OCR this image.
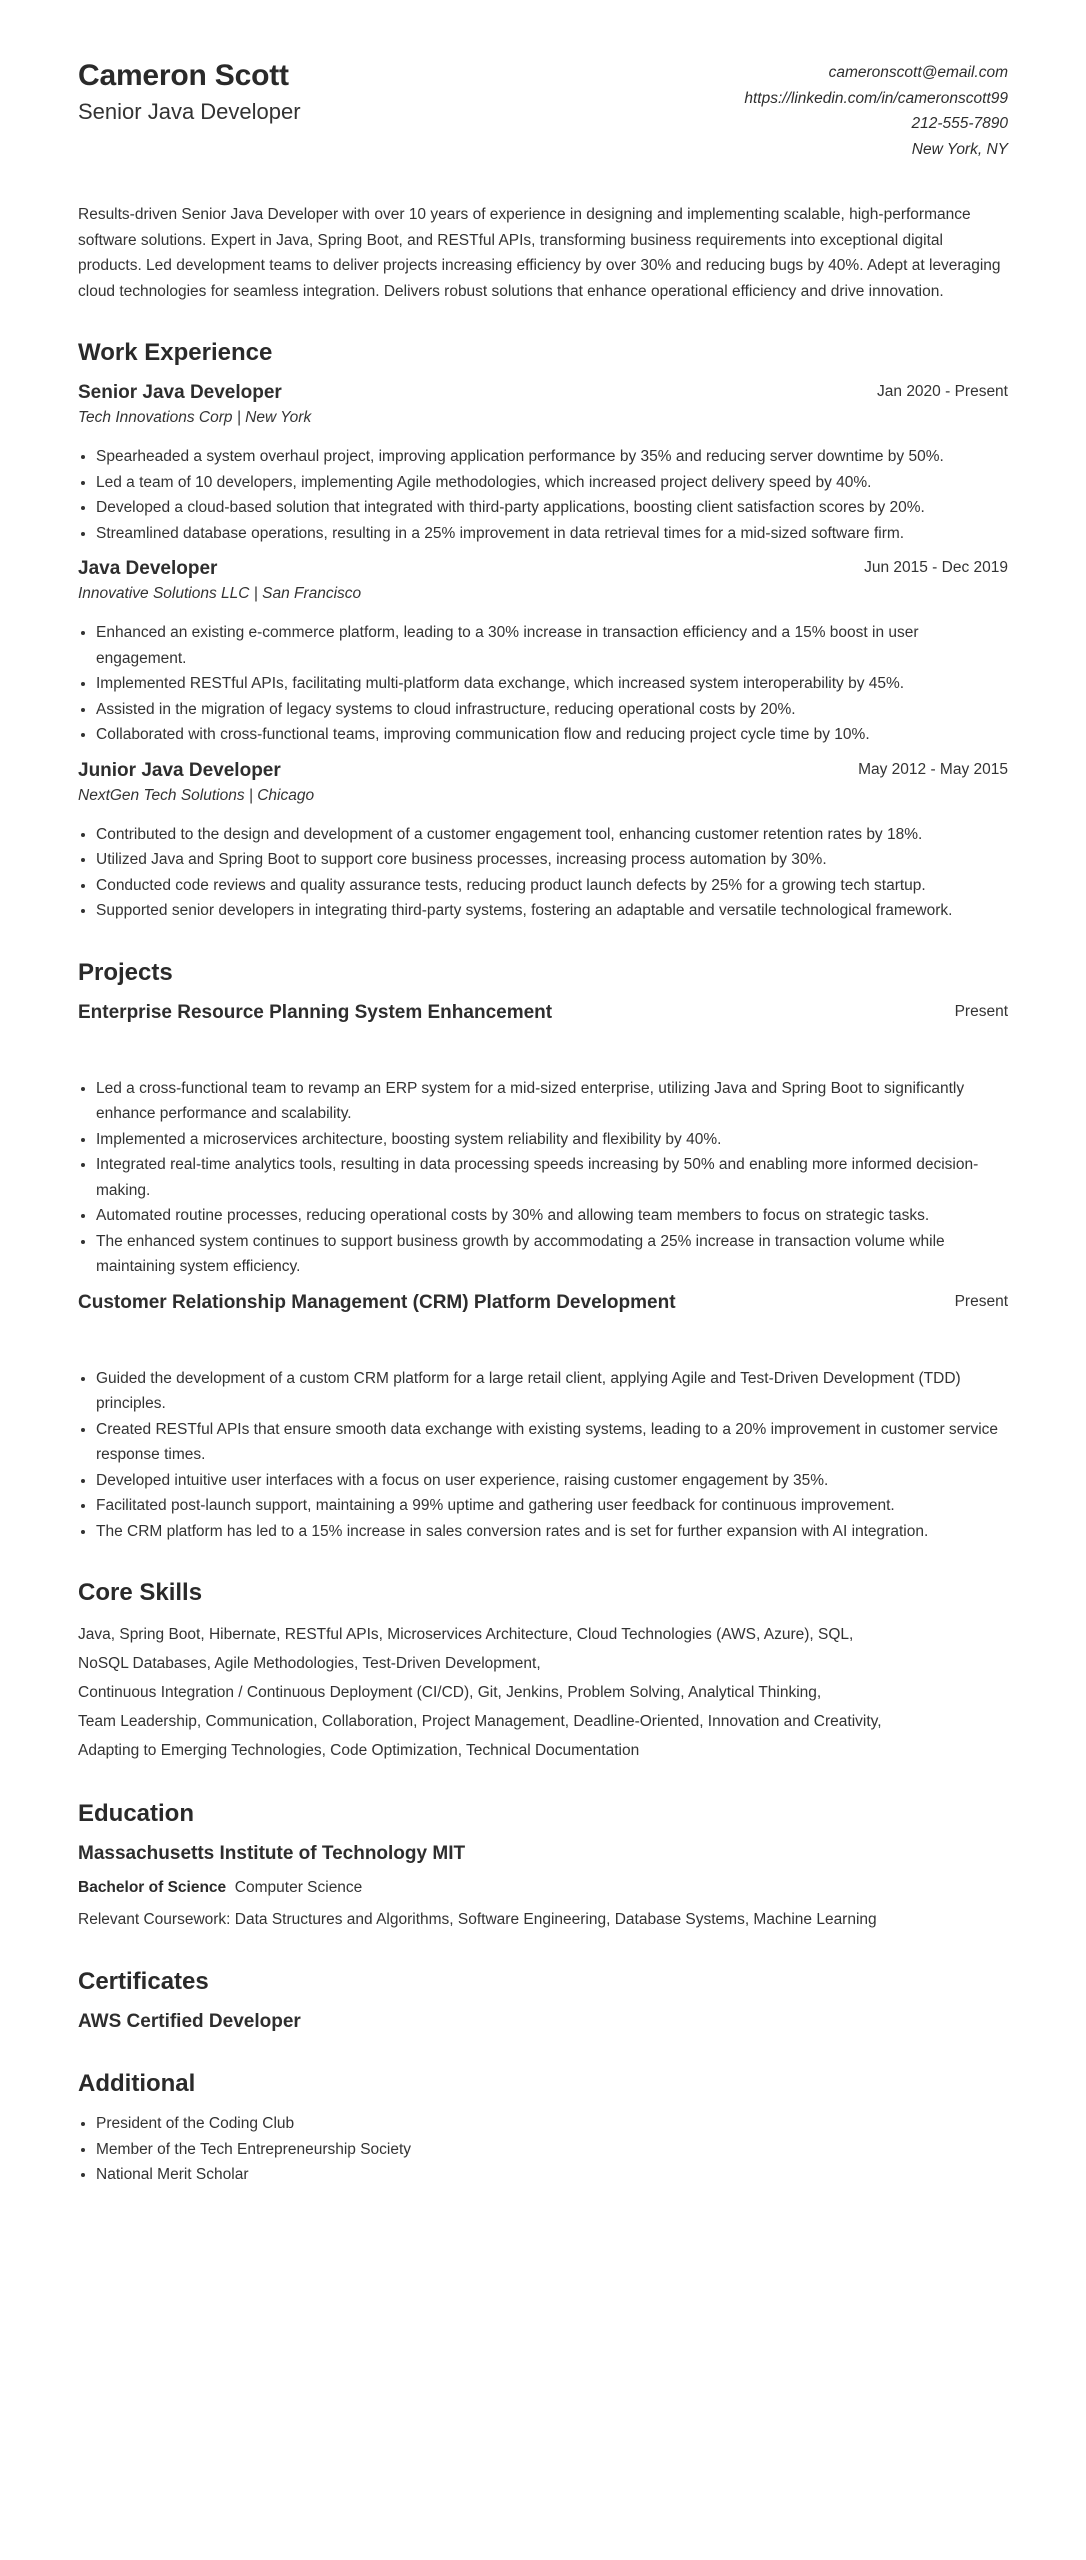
Cameron Scott
Senior Java Developer
cameronscott@email.com
https://linkedin.com/in/cameronscott99
212-555-7890
New York, NY
Results-driven Senior Java Developer with over 10 years of experience in designing and implementing scalable, high-performance software solutions. Expert in Java, Spring Boot, and RESTful APIs, transforming business requirements into exceptional digital products. Led development teams to deliver projects increasing efficiency by over 30% and reducing bugs by 40%. Adept at leveraging cloud technologies for seamless integration. Delivers robust solutions that enhance operational efficiency and drive innovation.
Work Experience
Senior Java Developer	Jan 2020 - Present
Tech Innovations Corp | New York
• Spearheaded a system overhaul project, improving application performance by 35% and reducing server downtime by 50%.
• Led a team of 10 developers, implementing Agile methodologies, which increased project delivery speed by 40%.
• Developed a cloud-based solution that integrated with third-party applications, boosting client satisfaction scores by 20%.
• Streamlined database operations, resulting in a 25% improvement in data retrieval times for a mid-sized software firm.
Java Developer	Jun 2015 - Dec 2019
Innovative Solutions LLC | San Francisco
• Enhanced an existing e-commerce platform, leading to a 30% increase in transaction efficiency and a 15% boost in user engagement.
• Implemented RESTful APIs, facilitating multi-platform data exchange, which increased system interoperability by 45%.
• Assisted in the migration of legacy systems to cloud infrastructure, reducing operational costs by 20%.
• Collaborated with cross-functional teams, improving communication flow and reducing project cycle time by 10%.
Junior Java Developer	May 2012 - May 2015
NextGen Tech Solutions | Chicago
• Contributed to the design and development of a customer engagement tool, enhancing customer retention rates by 18%.
• Utilized Java and Spring Boot to support core business processes, increasing process automation by 30%.
• Conducted code reviews and quality assurance tests, reducing product launch defects by 25% for a growing tech startup.
• Supported senior developers in integrating third-party systems, fostering an adaptable and versatile technological framework.
Projects
Enterprise Resource Planning System Enhancement	Present
• Led a cross-functional team to revamp an ERP system for a mid-sized enterprise, utilizing Java and Spring Boot to significantly enhance performance and scalability.
• Implemented a microservices architecture, boosting system reliability and flexibility by 40%.
• Integrated real-time analytics tools, resulting in data processing speeds increasing by 50% and enabling more informed decision-making.
• Automated routine processes, reducing operational costs by 30% and allowing team members to focus on strategic tasks.
• The enhanced system continues to support business growth by accommodating a 25% increase in transaction volume while maintaining system efficiency.
Customer Relationship Management (CRM) Platform Development	Present
• Guided the development of a custom CRM platform for a large retail client, applying Agile and Test-Driven Development (TDD) principles.
• Created RESTful APIs that ensure smooth data exchange with existing systems, leading to a 20% improvement in customer service response times.
• Developed intuitive user interfaces with a focus on user experience, raising customer engagement by 35%.
• Facilitated post-launch support, maintaining a 99% uptime and gathering user feedback for continuous improvement.
• The CRM platform has led to a 15% increase in sales conversion rates and is set for further expansion with AI integration.
Core Skills
Java, Spring Boot, Hibernate, RESTful APIs, Microservices Architecture, Cloud Technologies (AWS, Azure), SQL,
NoSQL Databases, Agile Methodologies, Test-Driven Development,
Continuous Integration / Continuous Deployment (CI/CD), Git, Jenkins, Problem Solving, Analytical Thinking,
Team Leadership, Communication, Collaboration, Project Management, Deadline-Oriented, Innovation and Creativity,
Adapting to Emerging Technologies, Code Optimization, Technical Documentation
Education
Massachusetts Institute of Technology MIT
Bachelor of Science Computer Science
Relevant Coursework: Data Structures and Algorithms, Software Engineering, Database Systems, Machine Learning
Certificates
AWS Certified Developer
Additional
• President of the Coding Club
• Member of the Tech Entrepreneurship Society
• National Merit Scholar
